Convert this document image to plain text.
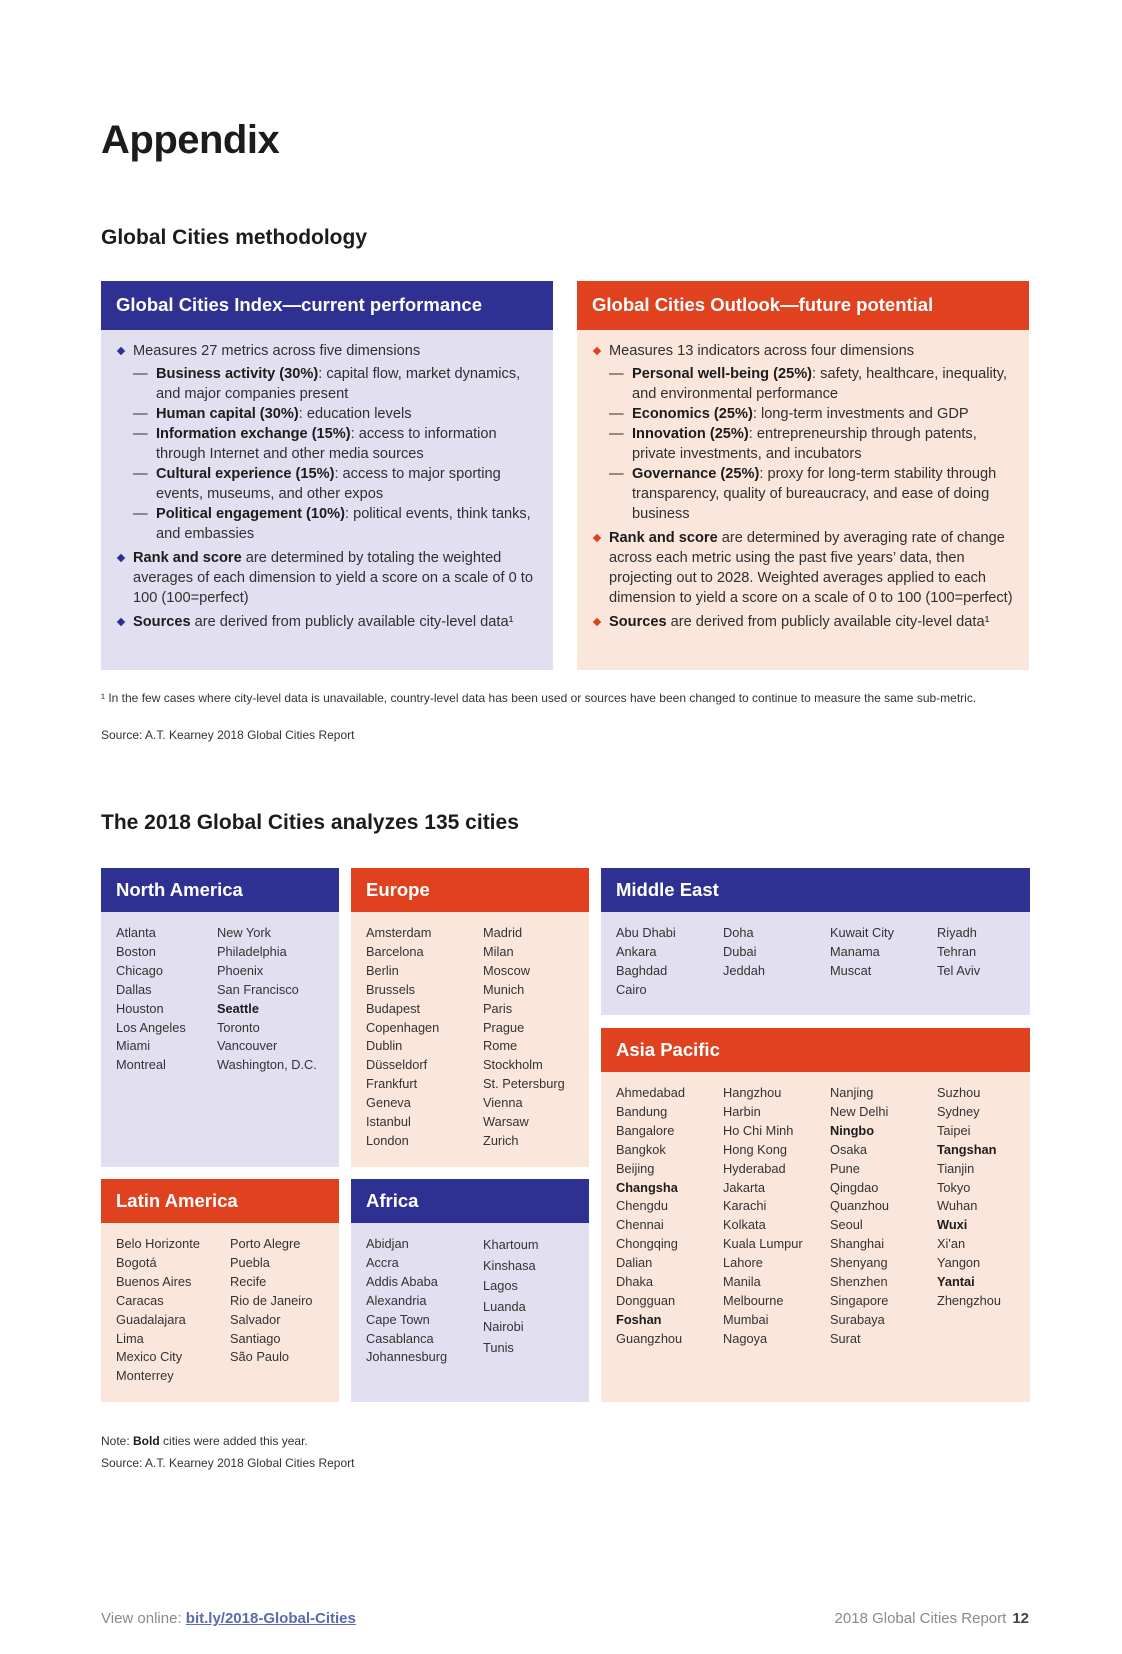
Appendix
Global Cities methodology
Global Cities Index—current performance
Measures 27 metrics across five dimensions
— Business activity (30%): capital flow, market dynamics, and major companies present
— Human capital (30%): education levels
— Information exchange (15%): access to information through Internet and other media sources
— Cultural experience (15%): access to major sporting events, museums, and other expos
— Political engagement (10%): political events, think tanks, and embassies
Rank and score are determined by totaling the weighted averages of each dimension to yield a score on a scale of 0 to 100 (100=perfect)
Sources are derived from publicly available city-level data¹
Global Cities Outlook—future potential
Measures 13 indicators across four dimensions
— Personal well-being (25%): safety, healthcare, inequality, and environmental performance
— Economics (25%): long-term investments and GDP
— Innovation (25%): entrepreneurship through patents, private investments, and incubators
— Governance (25%): proxy for long-term stability through transparency, quality of bureaucracy, and ease of doing business
Rank and score are determined by averaging rate of change across each metric using the past five years’ data, then projecting out to 2028. Weighted averages applied to each dimension to yield a score on a scale of 0 to 100 (100=perfect)
Sources are derived from publicly available city-level data¹

¹ In the few cases where city-level data is unavailable, country-level data has been used or sources have been changed to continue to measure the same sub-metric.

Source: A.T. Kearney 2018 Global Cities Report

The 2018 Global Cities analyzes 135 cities
North America
Atlanta
Boston
Chicago
Dallas
Houston
Los Angeles
Miami
Montreal
New York
Philadelphia
Phoenix
San Francisco
Seattle
Toronto
Vancouver
Washington, D.C.
Europe
Amsterdam
Barcelona
Berlin
Brussels
Budapest
Copenhagen
Dublin
Düsseldorf
Frankfurt
Geneva
Istanbul
London
Madrid
Milan
Moscow
Munich
Paris
Prague
Rome
Stockholm
St. Petersburg
Vienna
Warsaw
Zurich
Middle East
Abu Dhabi
Ankara
Baghdad
Cairo
Doha
Dubai
Jeddah
Kuwait City
Manama
Muscat
Riyadh
Tehran
Tel Aviv
Latin America
Belo Horizonte
Bogotá
Buenos Aires
Caracas
Guadalajara
Lima
Mexico City
Monterrey
Porto Alegre
Puebla
Recife
Rio de Janeiro
Salvador
Santiago
São Paulo
Africa
Abidjan
Accra
Addis Ababa
Alexandria
Cape Town
Casablanca
Johannesburg
Khartoum
Kinshasa
Lagos
Luanda
Nairobi
Tunis
Asia Pacific
Ahmedabad
Bandung
Bangalore
Bangkok
Beijing
Changsha
Chengdu
Chennai
Chongqing
Dalian
Dhaka
Dongguan
Foshan
Guangzhou
Hangzhou
Harbin
Ho Chi Minh
Hong Kong
Hyderabad
Jakarta
Karachi
Kolkata
Kuala Lumpur
Lahore
Manila
Melbourne
Mumbai
Nagoya
Nanjing
New Delhi
Ningbo
Osaka
Pune
Qingdao
Quanzhou
Seoul
Shanghai
Shenyang
Shenzhen
Singapore
Surabaya
Surat
Suzhou
Sydney
Taipei
Tangshan
Tianjin
Tokyo
Wuhan
Wuxi
Xi'an
Yangon
Yantai
Zhengzhou

Note: Bold cities were added this year.

Source: A.T. Kearney 2018 Global Cities Report

View online: bit.ly/2018-Global-Cities	2018 Global Cities Report 12
